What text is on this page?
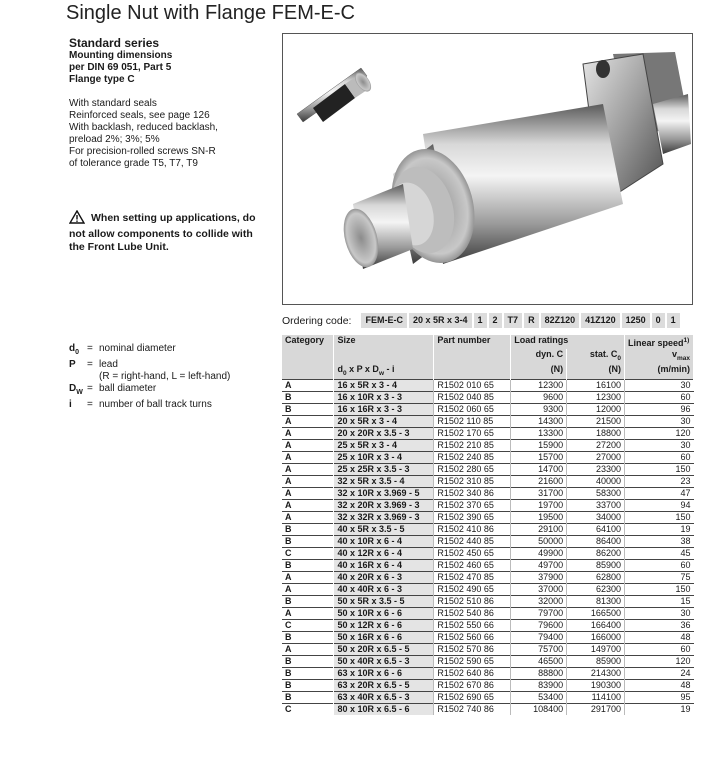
Single Nut with Flange FEM-E-C
Standard series
Mounting dimensions
per DIN 69 051, Part 5
Flange type C
With standard seals
Reinforced seals, see page 126
With backlash, reduced backlash,
preload 2%; 3%; 5%
For precision-rolled screws SN-R
of tolerance grade T5, T7, T9
When setting up applications, do not allow components to collide with the Front Lube Unit.
Ordering code:	FEM-E-C	20 x 5R x 3-4	1	2	T7	R	82Z120	41Z120	1250	0	1
$d_0$ = nominal diameter
P	= lead
(R = right-hand, L = left-hand)
$D_W$ = ball diameter
i	= number of ball track turns
Category	Size	Part number	Load ratings		Linear speed$^{1)}$
			dyn. C	stat. $C_0$	$v_{max}$
	$d_0$ x P x $D_w$ - i		(N)	(N)	(m/min)
A	16 x 5R x 3 - 4	R1502 010 65	12300	16100	30
B	16 x 10R x 3 - 3	R1502 040 85	9600	12300	60
B	16 x 16R x 3 - 3	R1502 060 65	9300	12000	96
A	20 x 5R x 3 - 4	R1502 110 85	14300	21500	30
A	20 x 20R x 3.5 - 3	R1502 170 65	13300	18800	120
A	25 x 5R x 3 - 4	R1502 210 85	15900	27200	30
A	25 x 10R x 3 - 4	R1502 240 85	15700	27000	60
A	25 x 25R x 3.5 - 3	R1502 280 65	14700	23300	150
A	32 x 5R x 3.5 - 4	R1502 310 85	21600	40000	23
A	32 x 10R x 3.969 - 5	R1502 340 86	31700	58300	47
A	32 x 20R x 3.969 - 3	R1502 370 65	19700	33700	94
A	32 x 32R x 3.969 - 3	R1502 390 65	19500	34000	150
B	40 x 5R x 3.5 - 5	R1502 410 86	29100	64100	19
B	40 x 10R x 6 - 4	R1502 440 85	50000	86400	38
C	40 x 12R x 6 - 4	R1502 450 65	49900	86200	45
B	40 x 16R x 6 - 4	R1502 460 65	49700	85900	60
A	40 x 20R x 6 - 3	R1502 470 85	37900	62800	75
A	40 x 40R x 6 - 3	R1502 490 65	37000	62300	150
B	50 x 5R x 3.5 - 5	R1502 510 86	32000	81300	15
A	50 x 10R x 6 - 6	R1502 540 86	79700	166500	30
C	50 x 12R x 6 - 6	R1502 550 66	79600	166400	36
B	50 x 16R x 6 - 6	R1502 560 66	79400	166000	48
A	50 x 20R x 6.5 - 5	R1502 570 86	75700	149700	60
B	50 x 40R x 6.5 - 3	R1502 590 65	46500	85900	120
B	63 x 10R x 6 - 6	R1502 640 86	88800	214300	24
B	63 x 20R x 6.5 - 5	R1502 670 86	83900	190300	48
B	63 x 40R x 6.5 - 3	R1502 690 65	53400	114100	95
C	80 x 10R x 6.5 - 6	R1502 740 86	108400	291700	19
